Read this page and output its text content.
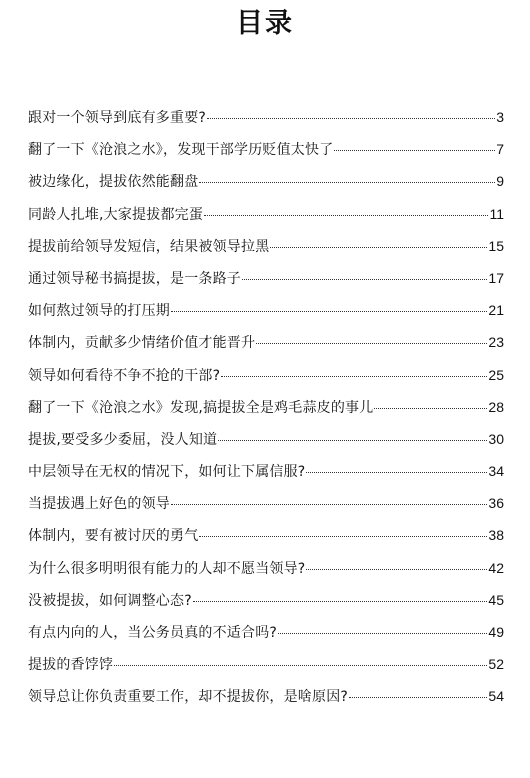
目录
跟对一个领导到底有多重要?	3
翻了一下《沧浪之水》，发现干部学历贬值太快了	7
被边缘化，提拔依然能翻盘	9
同龄人扎堆,大家提拔都完蛋	11
提拔前给领导发短信，结果被领导拉黑	15
通过领导秘书搞提拔，是一条路子	17
如何熬过领导的打压期	21
体制内，贡献多少情绪价值才能晋升	23
领导如何看待不争不抢的干部?	25
翻了一下《沧浪之水》发现,搞提拔全是鸡毛蒜皮的事儿	28
提拔,要受多少委屈，没人知道	30
中层领导在无权的情况下，如何让下属信服?	34
当提拔遇上好色的领导	36
体制内，要有被讨厌的勇气	38
为什么很多明明很有能力的人却不愿当领导?	42
没被提拔，如何调整心态?	45
有点内向的人，当公务员真的不适合吗?	49
提拔的香饽饽	52
领导总让你负责重要工作，却不提拔你，是啥原因?	54
